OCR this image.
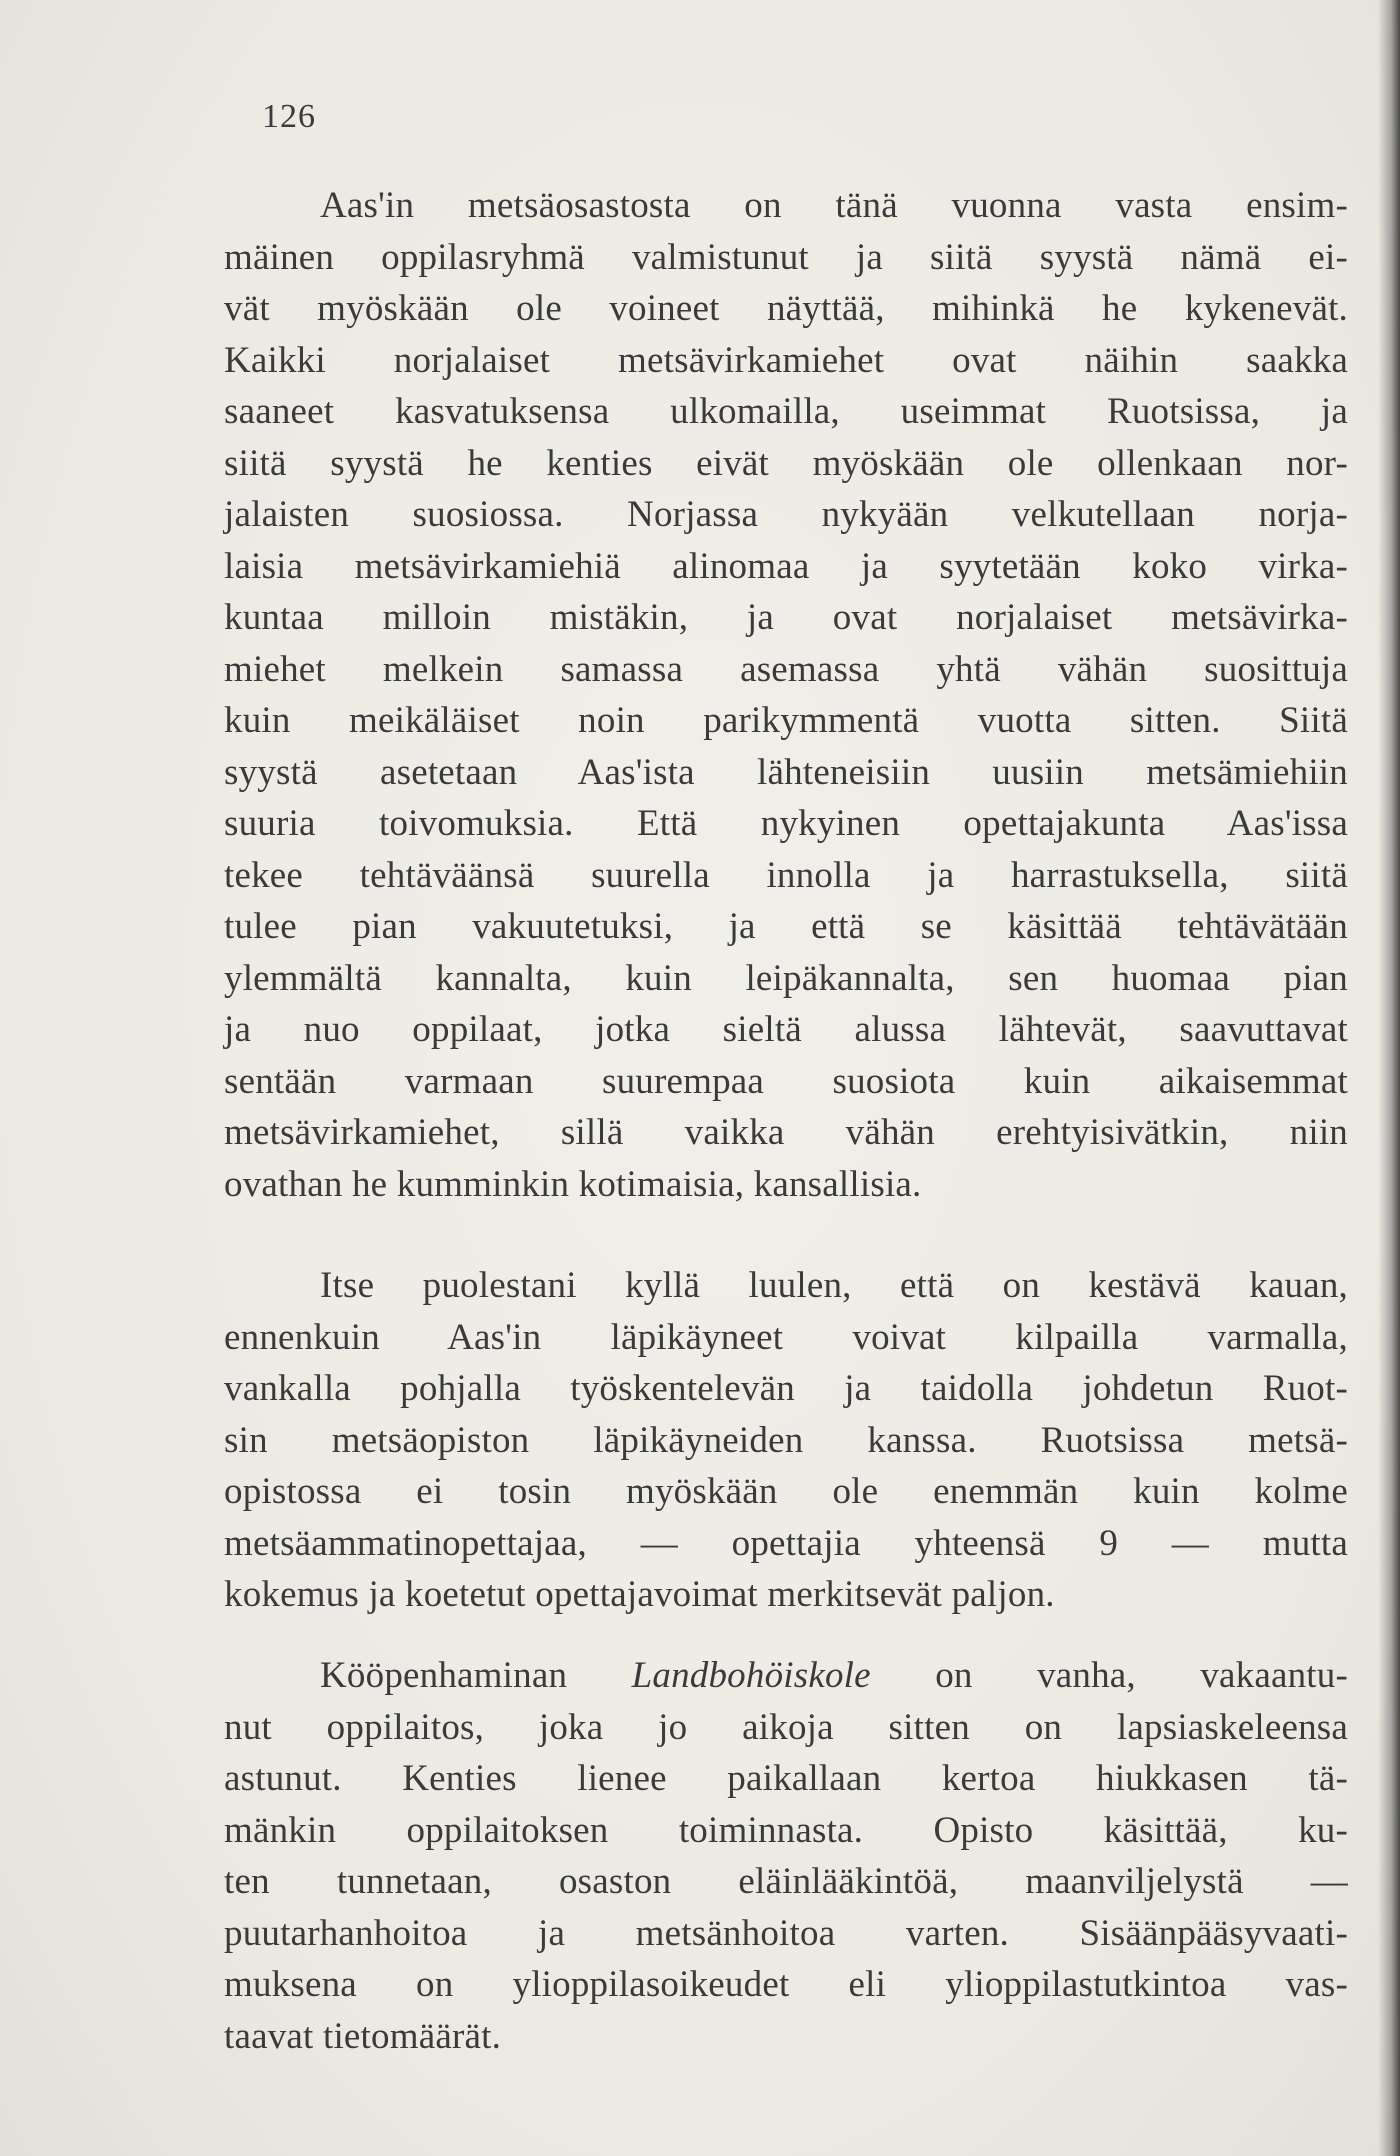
126
Aas'in metsäosastosta on tänä vuonna vasta ensim-
mäinen oppilasryhmä valmistunut ja siitä syystä nämä ei-
vät myöskään ole voineet näyttää, mihinkä he kykenevät.
Kaikki norjalaiset metsävirkamiehet ovat näihin saakka
saaneet kasvatuksensa ulkomailla, useimmat Ruotsissa, ja
siitä syystä he kenties eivät myöskään ole ollenkaan nor-
jalaisten suosiossa. Norjassa nykyään velkutellaan norja-
laisia metsävirkamiehiä alinomaa ja syytetään koko virka-
kuntaa milloin mistäkin, ja ovat norjalaiset metsävirka-
miehet melkein samassa asemassa yhtä vähän suosittuja
kuin meikäläiset noin parikymmentä vuotta sitten. Siitä
syystä asetetaan Aas'ista lähteneisiin uusiin metsämiehiin
suuria toivomuksia. Että nykyinen opettajakunta Aas'issa
tekee tehtäväänsä suurella innolla ja harrastuksella, siitä
tulee pian vakuutetuksi, ja että se käsittää tehtävätään
ylemmältä kannalta, kuin leipäkannalta, sen huomaa pian
ja nuo oppilaat, jotka sieltä alussa lähtevät, saavuttavat
sentään varmaan suurempaa suosiota kuin aikaisemmat
metsävirkamiehet, sillä vaikka vähän erehtyisivätkin, niin
ovathan he kumminkin kotimaisia, kansallisia.
Itse puolestani kyllä luulen, että on kestävä kauan,
ennenkuin Aas'in läpikäyneet voivat kilpailla varmalla,
vankalla pohjalla työskentelevän ja taidolla johdetun Ruot-
sin metsäopiston läpikäyneiden kanssa. Ruotsissa metsä-
opistossa ei tosin myöskään ole enemmän kuin kolme
metsäammatinopettajaa, — opettajia yhteensä 9 — mutta
kokemus ja koetetut opettajavoimat merkitsevät paljon.
Kööpenhaminan Landbohöiskole on vanha, vakaantu-
nut oppilaitos, joka jo aikoja sitten on lapsiaskeleensa
astunut. Kenties lienee paikallaan kertoa hiukkasen tä-
mänkin oppilaitoksen toiminnasta. Opisto käsittää, ku-
ten tunnetaan, osaston eläinlääkintöä, maanviljelystä —
puutarhanhoitoa ja metsänhoitoa varten. Sisäänpääsyvaati-
muksena on ylioppilasoikeudet eli ylioppilastutkintoa vas-
taavat tietomäärät.
